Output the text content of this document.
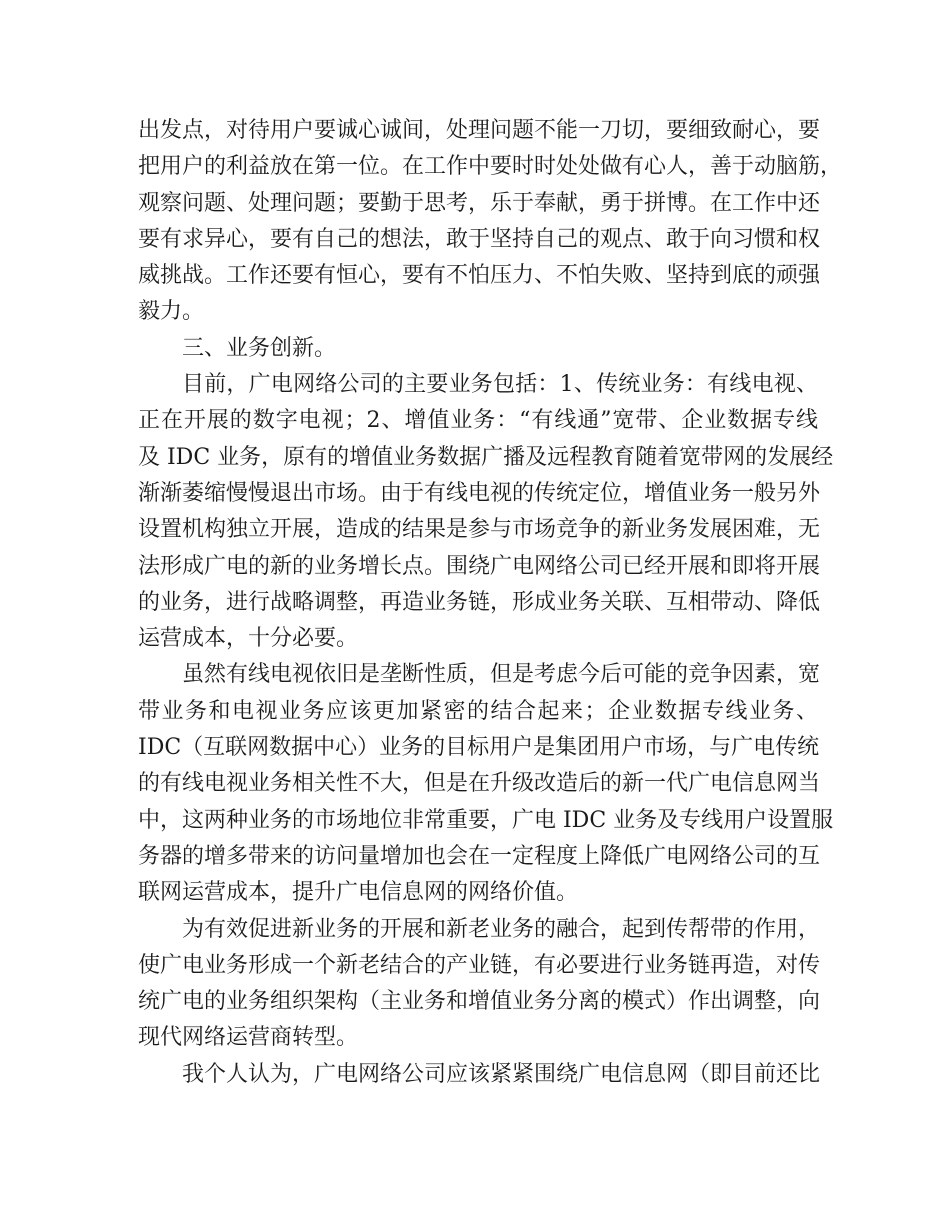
出发点，对待用户要诚心诚间，处理问题不能一刀切，要细致耐心，要
把用户的利益放在第一位。在工作中要时时处处做有心人，善于动脑筋，
观察问题、处理问题；要勤于思考，乐于奉献，勇于拼博。在工作中还
要有求异心，要有自己的想法，敢于坚持自己的观点、敢于向习惯和权
威挑战。工作还要有恒心，要有不怕压力、不怕失败、坚持到底的顽强
毅力。
三、业务创新。
目前，广电网络公司的主要业务包括：1、传统业务：有线电视、
正在开展的数字电视；2、增值业务：“有线通”宽带、企业数据专线
及 IDC 业务，原有的增值业务数据广播及远程教育随着宽带网的发展经
渐渐萎缩慢慢退出市场。由于有线电视的传统定位，增值业务一般另外
设置机构独立开展，造成的结果是参与市场竞争的新业务发展困难，无
法形成广电的新的业务增长点。围绕广电网络公司已经开展和即将开展
的业务，进行战略调整，再造业务链，形成业务关联、互相带动、降低
运营成本，十分必要。
虽然有线电视依旧是垄断性质，但是考虑今后可能的竞争因素，宽
带业务和电视业务应该更加紧密的结合起来；企业数据专线业务、
IDC（互联网数据中心）业务的目标用户是集团用户市场，与广电传统
的有线电视业务相关性不大，但是在升级改造后的新一代广电信息网当
中，这两种业务的市场地位非常重要，广电 IDC 业务及专线用户设置服
务器的增多带来的访问量增加也会在一定程度上降低广电网络公司的互
联网运营成本，提升广电信息网的网络价值。
为有效促进新业务的开展和新老业务的融合，起到传帮带的作用，
使广电业务形成一个新老结合的产业链，有必要进行业务链再造，对传
统广电的业务组织架构（主业务和增值业务分离的模式）作出调整，向
现代网络运营商转型。
我个人认为，广电网络公司应该紧紧围绕广电信息网（即目前还比
